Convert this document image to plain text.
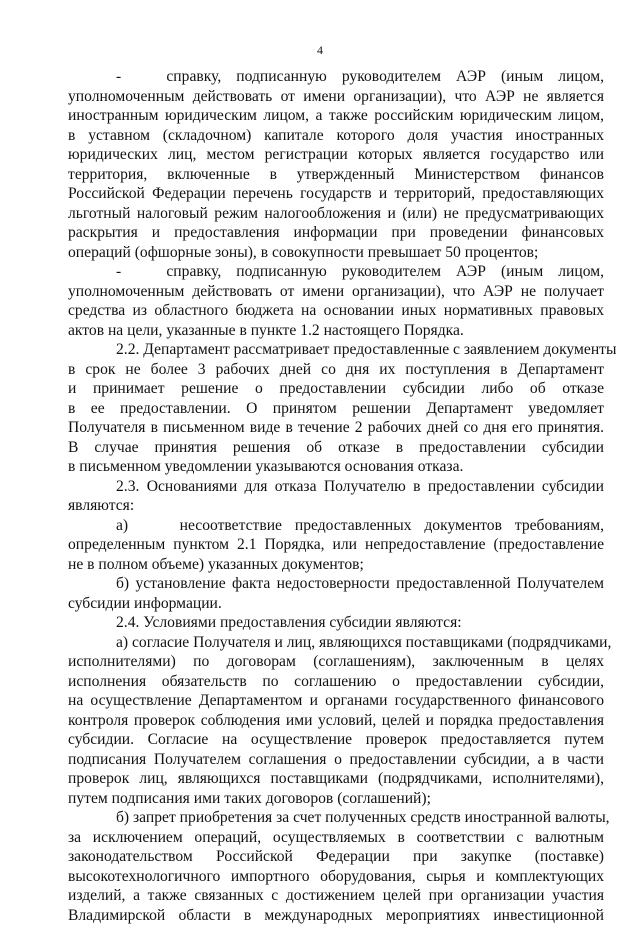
4
-   справку, подписанную руководителем АЭР (иным лицом,
уполномоченным действовать от имени организации), что АЭР не является
иностранным юридическим лицом, а также российским юридическим лицом,
в уставном (складочном) капитале которого доля участия иностранных
юридических лиц, местом регистрации которых является государство или
территория, включенные в утвержденный Министерством финансов
Российской Федерации перечень государств и территорий, предоставляющих
льготный налоговый режим налогообложения и (или) не предусматривающих
раскрытия и предоставления информации при проведении финансовых
операций (офшорные зоны), в совокупности превышает 50 процентов;
-   справку, подписанную руководителем АЭР (иным лицом,
уполномоченным действовать от имени организации), что АЭР не получает
средства из областного бюджета на основании иных нормативных правовых
актов на цели, указанные в пункте 1.2 настоящего Порядка.
2.2. Департамент рассматривает предоставленные с заявлением документы
в срок не более 3 рабочих дней со дня их поступления в Департамент
и принимает решение о предоставлении субсидии либо об отказе
в ее предоставлении. О принятом решении Департамент уведомляет
Получателя в письменном виде в течение 2 рабочих дней со дня его принятия.
В случае принятия решения об отказе в предоставлении субсидии
в письменном уведомлении указываются основания отказа.
2.3. Основаниями для отказа Получателю в предоставлении субсидии
являются:
а)    несоответствие предоставленных документов требованиям,
определенным пунктом 2.1 Порядка, или непредоставление (предоставление
не в полном объеме) указанных документов;
б) установление факта недостоверности предоставленной Получателем
субсидии информации.
2.4. Условиями предоставления субсидии являются:
а) согласие Получателя и лиц, являющихся поставщиками (подрядчиками,
исполнителями) по договорам (соглашениям), заключенным в целях
исполнения обязательств по соглашению о предоставлении субсидии,
на осуществление Департаментом и органами государственного финансового
контроля проверок соблюдения ими условий, целей и порядка предоставления
субсидии. Согласие на осуществление проверок предоставляется путем
подписания Получателем соглашения о предоставлении субсидии, а в части
проверок лиц, являющихся поставщиками (подрядчиками, исполнителями),
путем подписания ими таких договоров (соглашений);
б) запрет приобретения за счет полученных средств иностранной валюты,
за исключением операций, осуществляемых в соответствии с валютным
законодательством Российской Федерации при закупке (поставке)
высокотехнологичного импортного оборудования, сырья и комплектующих
изделий, а также связанных с достижением целей при организации участия
Владимирской области в международных мероприятиях инвестиционной
